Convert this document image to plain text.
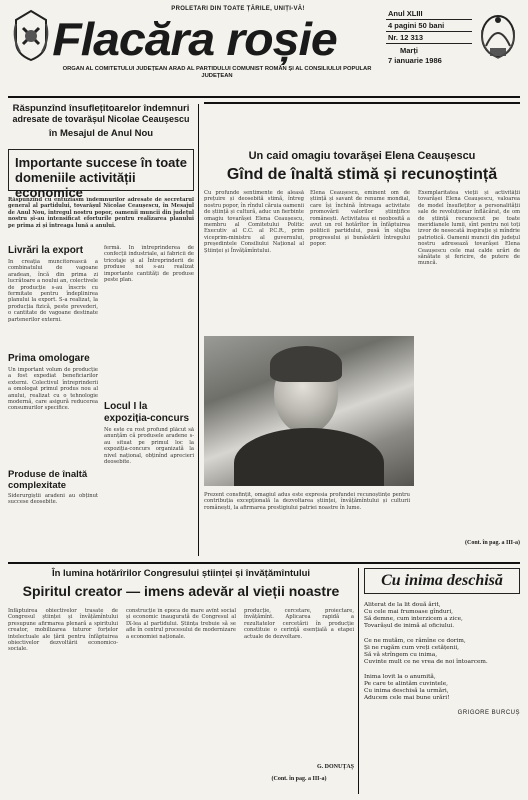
PROLETARI DIN TOATE ȚĂRILE, UNIȚI-VĂ!
Flacăra roșie
ORGAN AL COMITETULUI JUDEȚEAN ARAD AL PARTIDULUI COMUNIST ROMÂN ȘI AL CONSILIULUI POPULAR JUDEȚEAN
Anul XLIII
4 pagini 50 bani
Nr. 12 313
Marți
7 ianuarie 1986
Răspunzînd însuflețitoarelor îndemnuri
adresate de tovarășul Nicolae Ceaușescu
în Mesajul de Anul Nou
Importante succese în toate domeniile activității economice
Răspunzînd cu entuziasm îndemnurilor adresate de secretarul general al partidului, tovarășul Nicolae Ceaușescu, în Mesajul de Anul Nou, întregul nostru popor, oamenii muncii din județul nostru și-au intensificat eforturile pentru realizarea planului pe prima zi și întreaga lună a anului.
Livrări la export
În creația muncitorească a combinatului de vagoane aradean, încă din prima zi lucrătoare a noului an, colectivele de producție s-au înscris cu fermitate pentru îndeplinirea planului la export. S-a realizat, la producția fizică, peste prevederi, o cantitate de vagoane destinate partenerilor externi.
Prima omologare
Un important volum de producție a fost expediat beneficiarilor externi. Colectivul întreprinderii a omologat primul produs nou al anului, realizat cu o tehnologie modernă, care asigură reducerea consumurilor specifice.
Produse de înaltă complexitate
Siderurgiștii aradeni au obținut succese deosebite.
fermă. În întreprinderea de confecții industriale, ai fabricii de tricotaje și al Întreprinderii de produse noi s-au realizat importante cantități de produse peste plan.
Locul I la expoziția-concurs
Ne este cu rost profund plăcut să anunțăm că produsele aradene s-au situat pe primul loc la expoziția-concurs organizată la nivel național, obținînd aprecieri deosebite.
Un caid omagiu tovarășei Elena Ceaușescu
Gînd de înaltă stimă și recunoștință
Cu profunde sentimente de aleasă prețuire și deosebită stimă, întreg nostru popor, în rîndul căruia oamenii de știință și cultură, aduc un fierbinte omagiu tovarășei Elena Ceaușescu, membru al Comitetului Politic Executiv al C.C. al P.C.R., prim viceprim-ministru al guvernului, președintele Consiliului Național al Științei și Învățămîntului.
Elena Ceaușescu, eminent om de știință și savant de renume mondial, care își închină întreaga activitate promovării valorilor științifice românești. Activitatea ei neobosită a avut un rol hotărîtor în înfăptuirea politicii partidului, pusă în slujba progresului și bunăstării întregului popor.
Exemplaritatea vieții și activității tovarășei Elena Ceaușescu, valoarea de model însuflețitor a personalității sale de revoluționar înflăcărat, de om de știință recunoscut pe toate meridianele lumii, sînt pentru noi toți izvor de nesecată inspirație și mîndrie patriotică. Oamenii muncii din județul nostru adresează tovarășei Elena Ceaușescu cele mai calde urări de sănătate și fericire, de putere de muncă.
Prezent consfințit, omagiul adus este expresia profundei recunoștințe pentru contribuția excepțională la dezvoltarea științei, învățămîntului și culturii românești, la afirmarea prestigiului patriei noastre în lume.
(Cont. în pag. a III-a)
În lumina hotărîrilor Congresului științei și învățămîntului
Spiritul creator — imens adevăr al vieții noastre
Înfăptuirea obiectivelor trasate de Congresul științei și învățămîntului presupune afirmarea plenară a spiritului creator, mobilizarea tuturor forțelor intelectuale ale țării pentru înfăptuirea obiectivelor dezvoltării economico-sociale.
construcție în epoca de mare avînt social și economic inaugurată de Congresul al IX-lea al partidului. Știința trebuie să se afle în centrul procesului de modernizare a economiei naționale.
producție, cercetare, proiectare, învățămînt. Aplicarea rapidă a rezultatelor cercetării în producție constituie o cerință esențială a etapei actuale de dezvoltare.
G. DONUȚAȘ
(Cont. în pag. a III-a)
Cu inima deschisă
Aliterat de la lit două ărit,
Cu cele mai frumoase gînduri,
Să demne, cum interzicem a zice,
Tovarășul de inimă al oficiului.
Ce ne mutăm, ce rămîne ce dorim,
Și ne rugăm cum vreți cetățenii,
Să vă strîngem cu inima,
Cuvinte mult ce ne vrea de noi întoarcem.
Inima lovit la o anumită,
Pe care te alintăm cuvintele,
Cu inima deschisă la urmări,
Aducem cele mai bune urări!
GRIGORE BURCUȘ
